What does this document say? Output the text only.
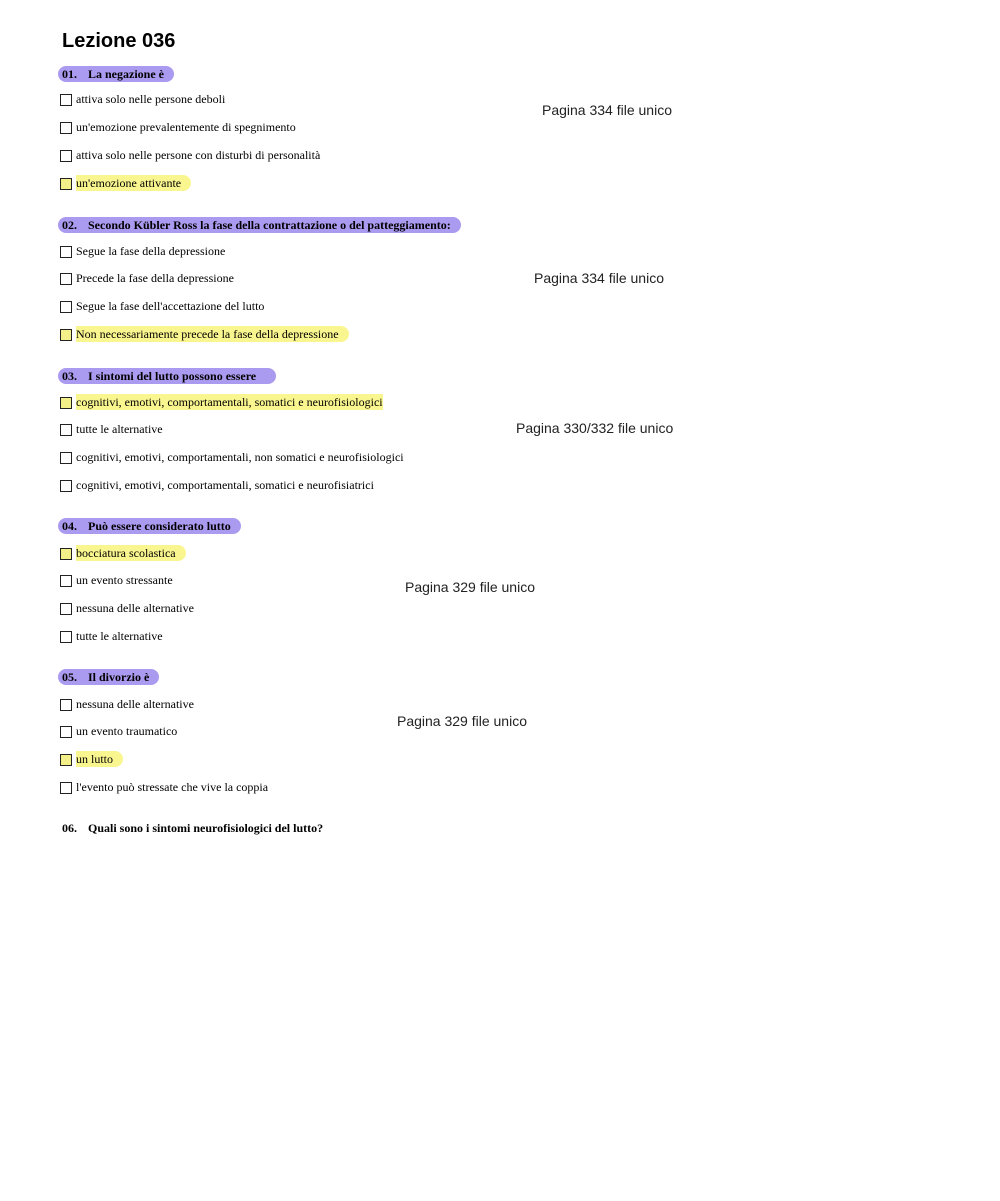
Lezione 036
01. La negazione è
attiva solo nelle persone deboli
un'emozione prevalentemente di spegnimento
attiva solo nelle persone con disturbi di personalità
un'emozione attivante
Pagina 334 file unico
02. Secondo Kübler Ross la fase della contrattazione o del patteggiamento:
Segue la fase della depressione
Precede la fase della depressione
Segue la fase dell'accettazione del lutto
Non necessariamente precede la fase della depressione
Pagina 334 file unico
03. I sintomi del lutto possono essere
cognitivi, emotivi, comportamentali, somatici e neurofisiologici
tutte le alternative
cognitivi, emotivi, comportamentali, non somatici e neurofisiologici
cognitivi, emotivi, comportamentali, somatici e neurofisiatrici
Pagina 330/332 file unico
04. Può essere considerato lutto
bocciatura scolastica
un evento stressante
nessuna delle alternative
tutte le alternative
Pagina 329 file unico
05. Il divorzio è
nessuna delle alternative
un evento traumatico
un lutto
l'evento può stressate che vive la coppia
Pagina 329 file unico
06. Quali sono i sintomi neurofisiologici del lutto?
